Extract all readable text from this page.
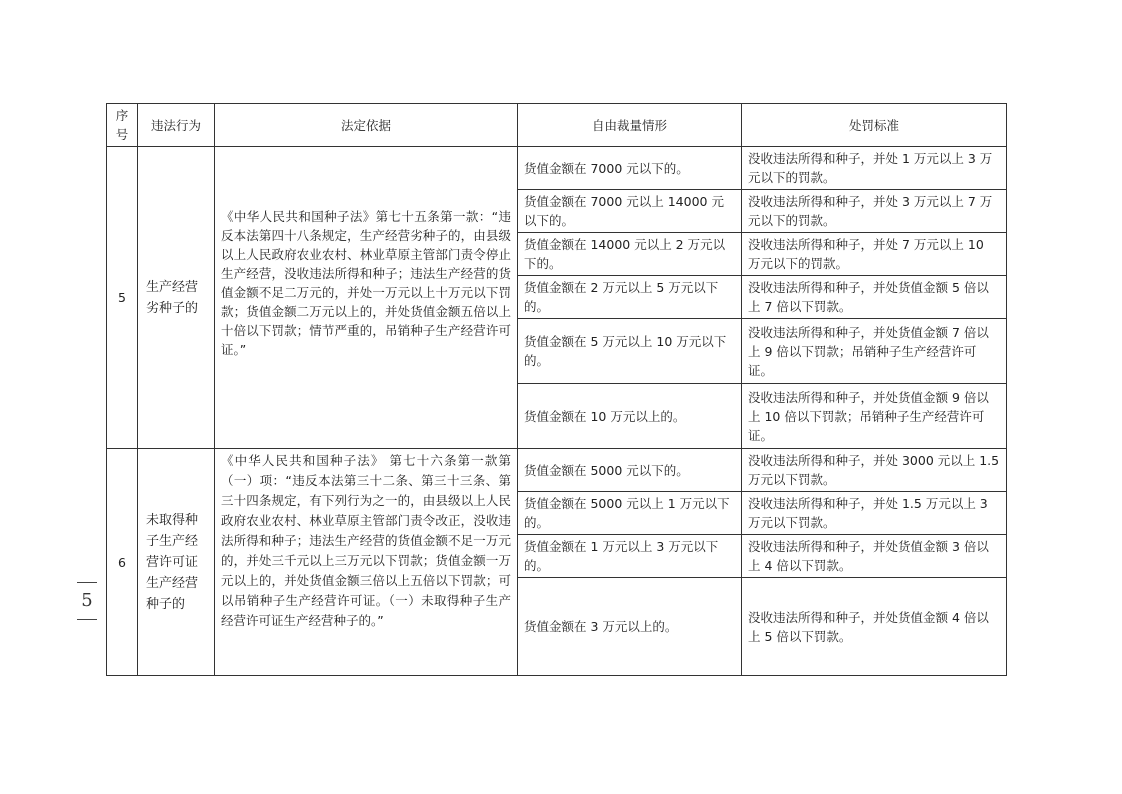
5
序号	违法行为	法定依据	自由裁量情形	处罚标准
5	生产经营劣种子的	《中华人民共和国种子法》第七十五条第一款：“违反本法第四十八条规定，生产经营劣种子的，由县级以上人民政府农业农村、林业草原主管部门责令停止生产经营，没收违法所得和种子；违法生产经营的货值金额不足二万元的，并处一万元以上十万元以下罚款；货值金额二万元以上的，并处货值金额五倍以上十倍以下罚款；情节严重的，吊销种子生产经营许可证。”	货值金额在 7000 元以下的。	没收违法所得和种子，并处 1 万元以上 3 万元以下的罚款。
			货值金额在 7000 元以上 14000 元以下的。	没收违法所得和种子，并处 3 万元以上 7 万元以下的罚款。
			货值金额在 14000 元以上 2 万元以下的。	没收违法所得和种子，并处 7 万元以上 10 万元以下的罚款。
			货值金额在 2 万元以上 5 万元以下的。	没收违法所得和种子，并处货值金额 5 倍以上 7 倍以下罚款。
			货值金额在 5 万元以上 10 万元以下的。	没收违法所得和种子，并处货值金额 7 倍以上 9 倍以下罚款；吊销种子生产经营许可证。
			货值金额在 10 万元以上的。	没收违法所得和种子，并处货值金额 9 倍以上 10 倍以下罚款；吊销种子生产经营许可证。
6	未取得种子生产经营许可证生产经营种子的	《中华人民共和国种子法》 第七十六条第一款第（一）项：“违反本法第三十二条、第三十三条、第三十四条规定，有下列行为之一的，由县级以上人民政府农业农村、林业草原主管部门责令改正，没收违法所得和种子；违法生产经营的货值金额不足一万元的，并处三千元以上三万元以下罚款；货值金额一万元以上的，并处货值金额三倍以上五倍以下罚款；可以吊销种子生产经营许可证。（一）未取得种子生产经营许可证生产经营种子的。”	货值金额在 5000 元以下的。	没收违法所得和种子，并处 3000 元以上 1.5 万元以下罚款。
			货值金额在 5000 元以上 1 万元以下的。	没收违法所得和种子，并处 1.5 万元以上 3 万元以下罚款。
			货值金额在 1 万元以上 3 万元以下的。	没收违法所得和种子，并处货值金额 3 倍以上 4 倍以下罚款。
			货值金额在 3 万元以上的。	没收违法所得和种子，并处货值金额 4 倍以上 5 倍以下罚款。
